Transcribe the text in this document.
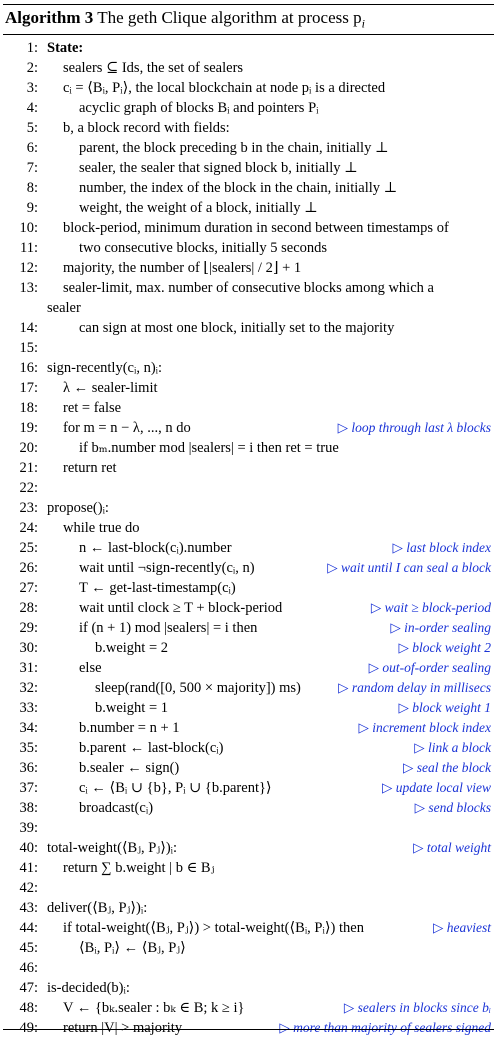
Algorithm 3 The geth Clique algorithm at process $p_i$
1: State:
2: sealers ⊆ Ids, the set of sealers
3: cᵢ = ⟨Bᵢ, Pᵢ⟩, the local blockchain at node pᵢ is a directed
4:	acyclic graph of blocks Bᵢ and pointers Pᵢ
5: b, a block record with fields:
6:	parent, the block preceding b in the chain, initially ⊥
7:	sealer, the sealer that signed block b, initially ⊥
8:	number, the index of the block in the chain, initially ⊥
9:	weight, the weight of a block, initially ⊥
10: block-period, minimum duration in second between timestamps of
11:	two consecutive blocks, initially 5 seconds
12: majority, the number of ⌊|sealers| / 2⌋ + 1
13: sealer-limit, max. number of consecutive blocks among which a
sealer
14:	can sign at most one block, initially set to the majority
15:
16: sign-recently(cᵢ, n)ᵢ:
17: λ ← sealer-limit
18: ret = false
19: for m = n − λ, ..., n do	▷ loop through last λ blocks
20:	if bₘ.number mod |sealers| = i then ret = true
21: return ret
22:
23: propose()ᵢ:
24: while true do
25:	n ← last-block(cᵢ).number	▷ last block index
26:	wait until ¬sign-recently(cᵢ, n)	▷ wait until I can seal a block
27:	T ← get-last-timestamp(cᵢ)
28:	wait until clock ≥ T + block-period	▷ wait ≥ block-period
29:	if (n + 1) mod |sealers| = i then	▷ in-order sealing
30:	b.weight = 2	▷ block weight 2
31:	else	▷ out-of-order sealing
32:	sleep(rand([0, 500 × majority]) ms)	▷ random delay in millisecs
33:	b.weight = 1	▷ block weight 1
34:	b.number = n + 1	▷ increment block index
35:	b.parent ← last-block(cᵢ)	▷ link a block
36:	b.sealer ← sign()	▷ seal the block
37:	cᵢ ← ⟨Bᵢ ∪ {b}, Pᵢ ∪ {b.parent}⟩	▷ update local view
38:	broadcast(cᵢ)	▷ send blocks
39:
40: total-weight(⟨Bⱼ, Pⱼ⟩)ᵢ:	▷ total weight
41: return ∑ b.weight | b ∈ Bⱼ
42:
43: deliver(⟨Bⱼ, Pⱼ⟩)ᵢ:
44: if total-weight(⟨Bⱼ, Pⱼ⟩) > total-weight(⟨Bᵢ, Pᵢ⟩) then	▷ heaviest
45:	⟨Bᵢ, Pᵢ⟩ ← ⟨Bⱼ, Pⱼ⟩
46:
47: is-decided(b)ᵢ:
48: V ← {bₖ.sealer : bₖ ∈ B; k ≥ i}	▷ sealers in blocks since bᵢ
49: return |V| > majority	▷ more than majority of sealers signed
